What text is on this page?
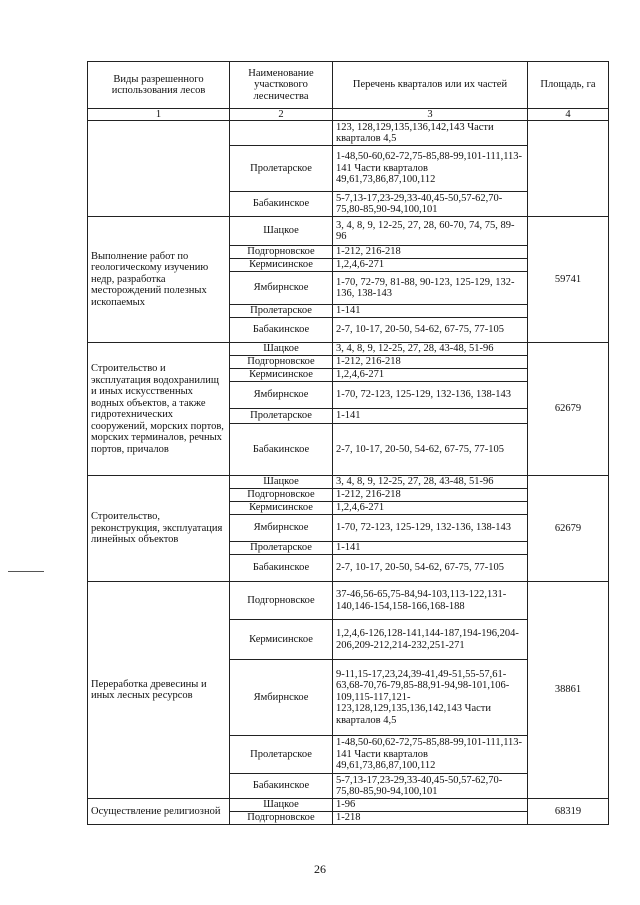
Виды разрешенного использования лесов	Наименование участкового лесничества	Перечень кварталов или их частей	Площадь, га
1	2	3	4
		123, 128,129,135,136,142,143 Части кварталов 4,5	
	Пролетарское	1-48,50-60,62-72,75-85,88-99,101-111,113-141 Части кварталов 49,61,73,86,87,100,112	
	Бабакинское	5-7,13-17,23-29,33-40,45-50,57-62,70-75,80-85,90-94,100,101	
Выполнение работ по геологическому изучению недр, разработка месторождений полезных ископаемых	Шацкое	3, 4, 8, 9, 12-25, 27, 28, 60-70, 74, 75, 89- 96	59741
	Подгорновское	1-212, 216-218	
	Кермисинское	1,2,4,6-271	
	Ямбирнское	1-70, 72-79, 81-88, 90-123, 125-129, 132-136, 138-143	
	Пролетарское	1-141	
	Бабакинское	2-7, 10-17, 20-50, 54-62, 67-75, 77-105	
Строительство и эксплуатация водохранилищ и иных искусственных водных объектов, а также гидротехнических сооружений, морских портов, морских терминалов, речных портов, причалов	Шацкое	3, 4, 8, 9, 12-25, 27, 28, 43-48, 51-96	62679
	Подгорновское	1-212, 216-218	
	Кермисинское	1,2,4,6-271	
	Ямбирнское	1-70, 72-123, 125-129, 132-136, 138-143	
	Пролетарское	1-141	
	Бабакинское	2-7, 10-17, 20-50, 54-62, 67-75, 77-105	
Строительство, реконструкция, эксплуатация линейных объектов	Шацкое	3, 4, 8, 9, 12-25, 27, 28, 43-48, 51-96	62679
	Подгорновское	1-212, 216-218	
	Кермисинское	1,2,4,6-271	
	Ямбирнское	1-70, 72-123, 125-129, 132-136, 138-143	
	Пролетарское	1-141	
	Бабакинское	2-7, 10-17, 20-50, 54-62, 67-75, 77-105	
Переработка древесины и иных лесных ресурсов	Подгорновское	37-46,56-65,75-84,94-103,113-122,131-140,146-154,158-166,168-188	38861
	Кермисинское	1,2,4,6-126,128-141,144-187,194-196,204-206,209-212,214-232,251-271	
	Ямбирнское	9-11,15-17,23,24,39-41,49-51,55-57,61-63,68-70,76-79,85-88,91-94,98-101,106-109,115-117,121-123,128,129,135,136,142,143 Части кварталов 4,5	
	Пролетарское	1-48,50-60,62-72,75-85,88-99,101-111,113-141 Части кварталов 49,61,73,86,87,100,112	
	Бабакинское	5-7,13-17,23-29,33-40,45-50,57-62,70-75,80-85,90-94,100,101	
Осуществление религиозной	Шацкое	1-96	68319
	Подгорновское	1-218	
26
